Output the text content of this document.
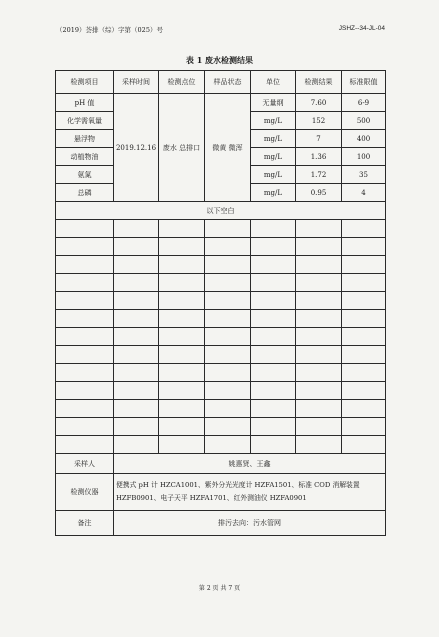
（2019）荟排（综）字第（025）号	JSHZ--34-JL-04
表 1 废水检测结果
检测项目	采样时间	检测点位	样品状态	单位	检测结果	标准限值
pH 值	2019.12.16	废水 总排口	微黄 微浑	无量纲	7.60	6-9
化学需氧量				mg/L	152	500
悬浮物				mg/L	7	400
动植物油				mg/L	1.36	100
氨氮				mg/L	1.72	35
总磷				mg/L	0.95	4
以下空白						

采样人	姚惠贤、王鑫					
检测仪器	便携式 pH 计 HZCA1001、紫外分光光度计 HZFA1501、标准 COD 消解装置 HZFB0901、电子天平 HZFA1701、红外测油仪 HZFA0901					
备注	排污去向：污水管网					
第 2 页 共 7 页
